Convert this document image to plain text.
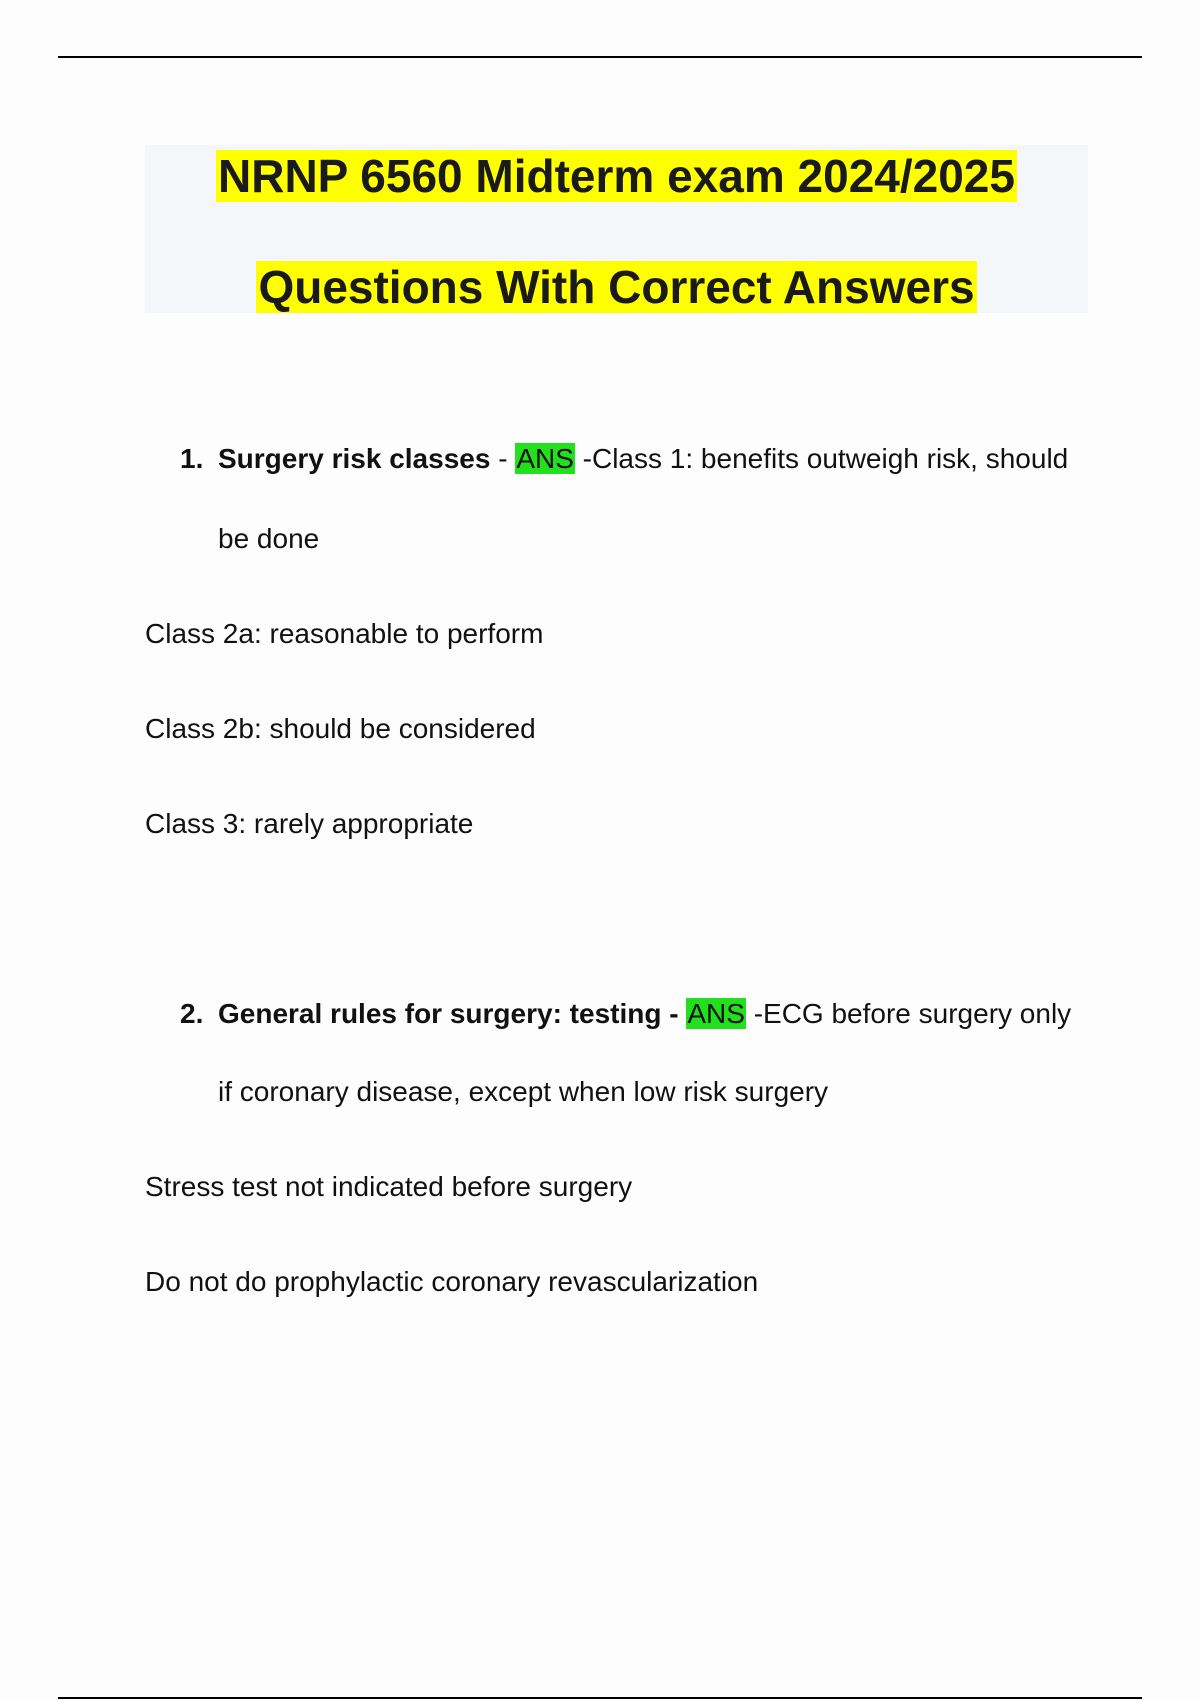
NRNP 6560 Midterm exam 2024/2025
Questions With Correct Answers
1. Surgery risk classes - ANS -Class 1: benefits outweigh risk, should
be done
Class 2a: reasonable to perform
Class 2b: should be considered
Class 3: rarely appropriate
2. General rules for surgery: testing - ANS -ECG before surgery only
if coronary disease, except when low risk surgery
Stress test not indicated before surgery
Do not do prophylactic coronary revascularization
